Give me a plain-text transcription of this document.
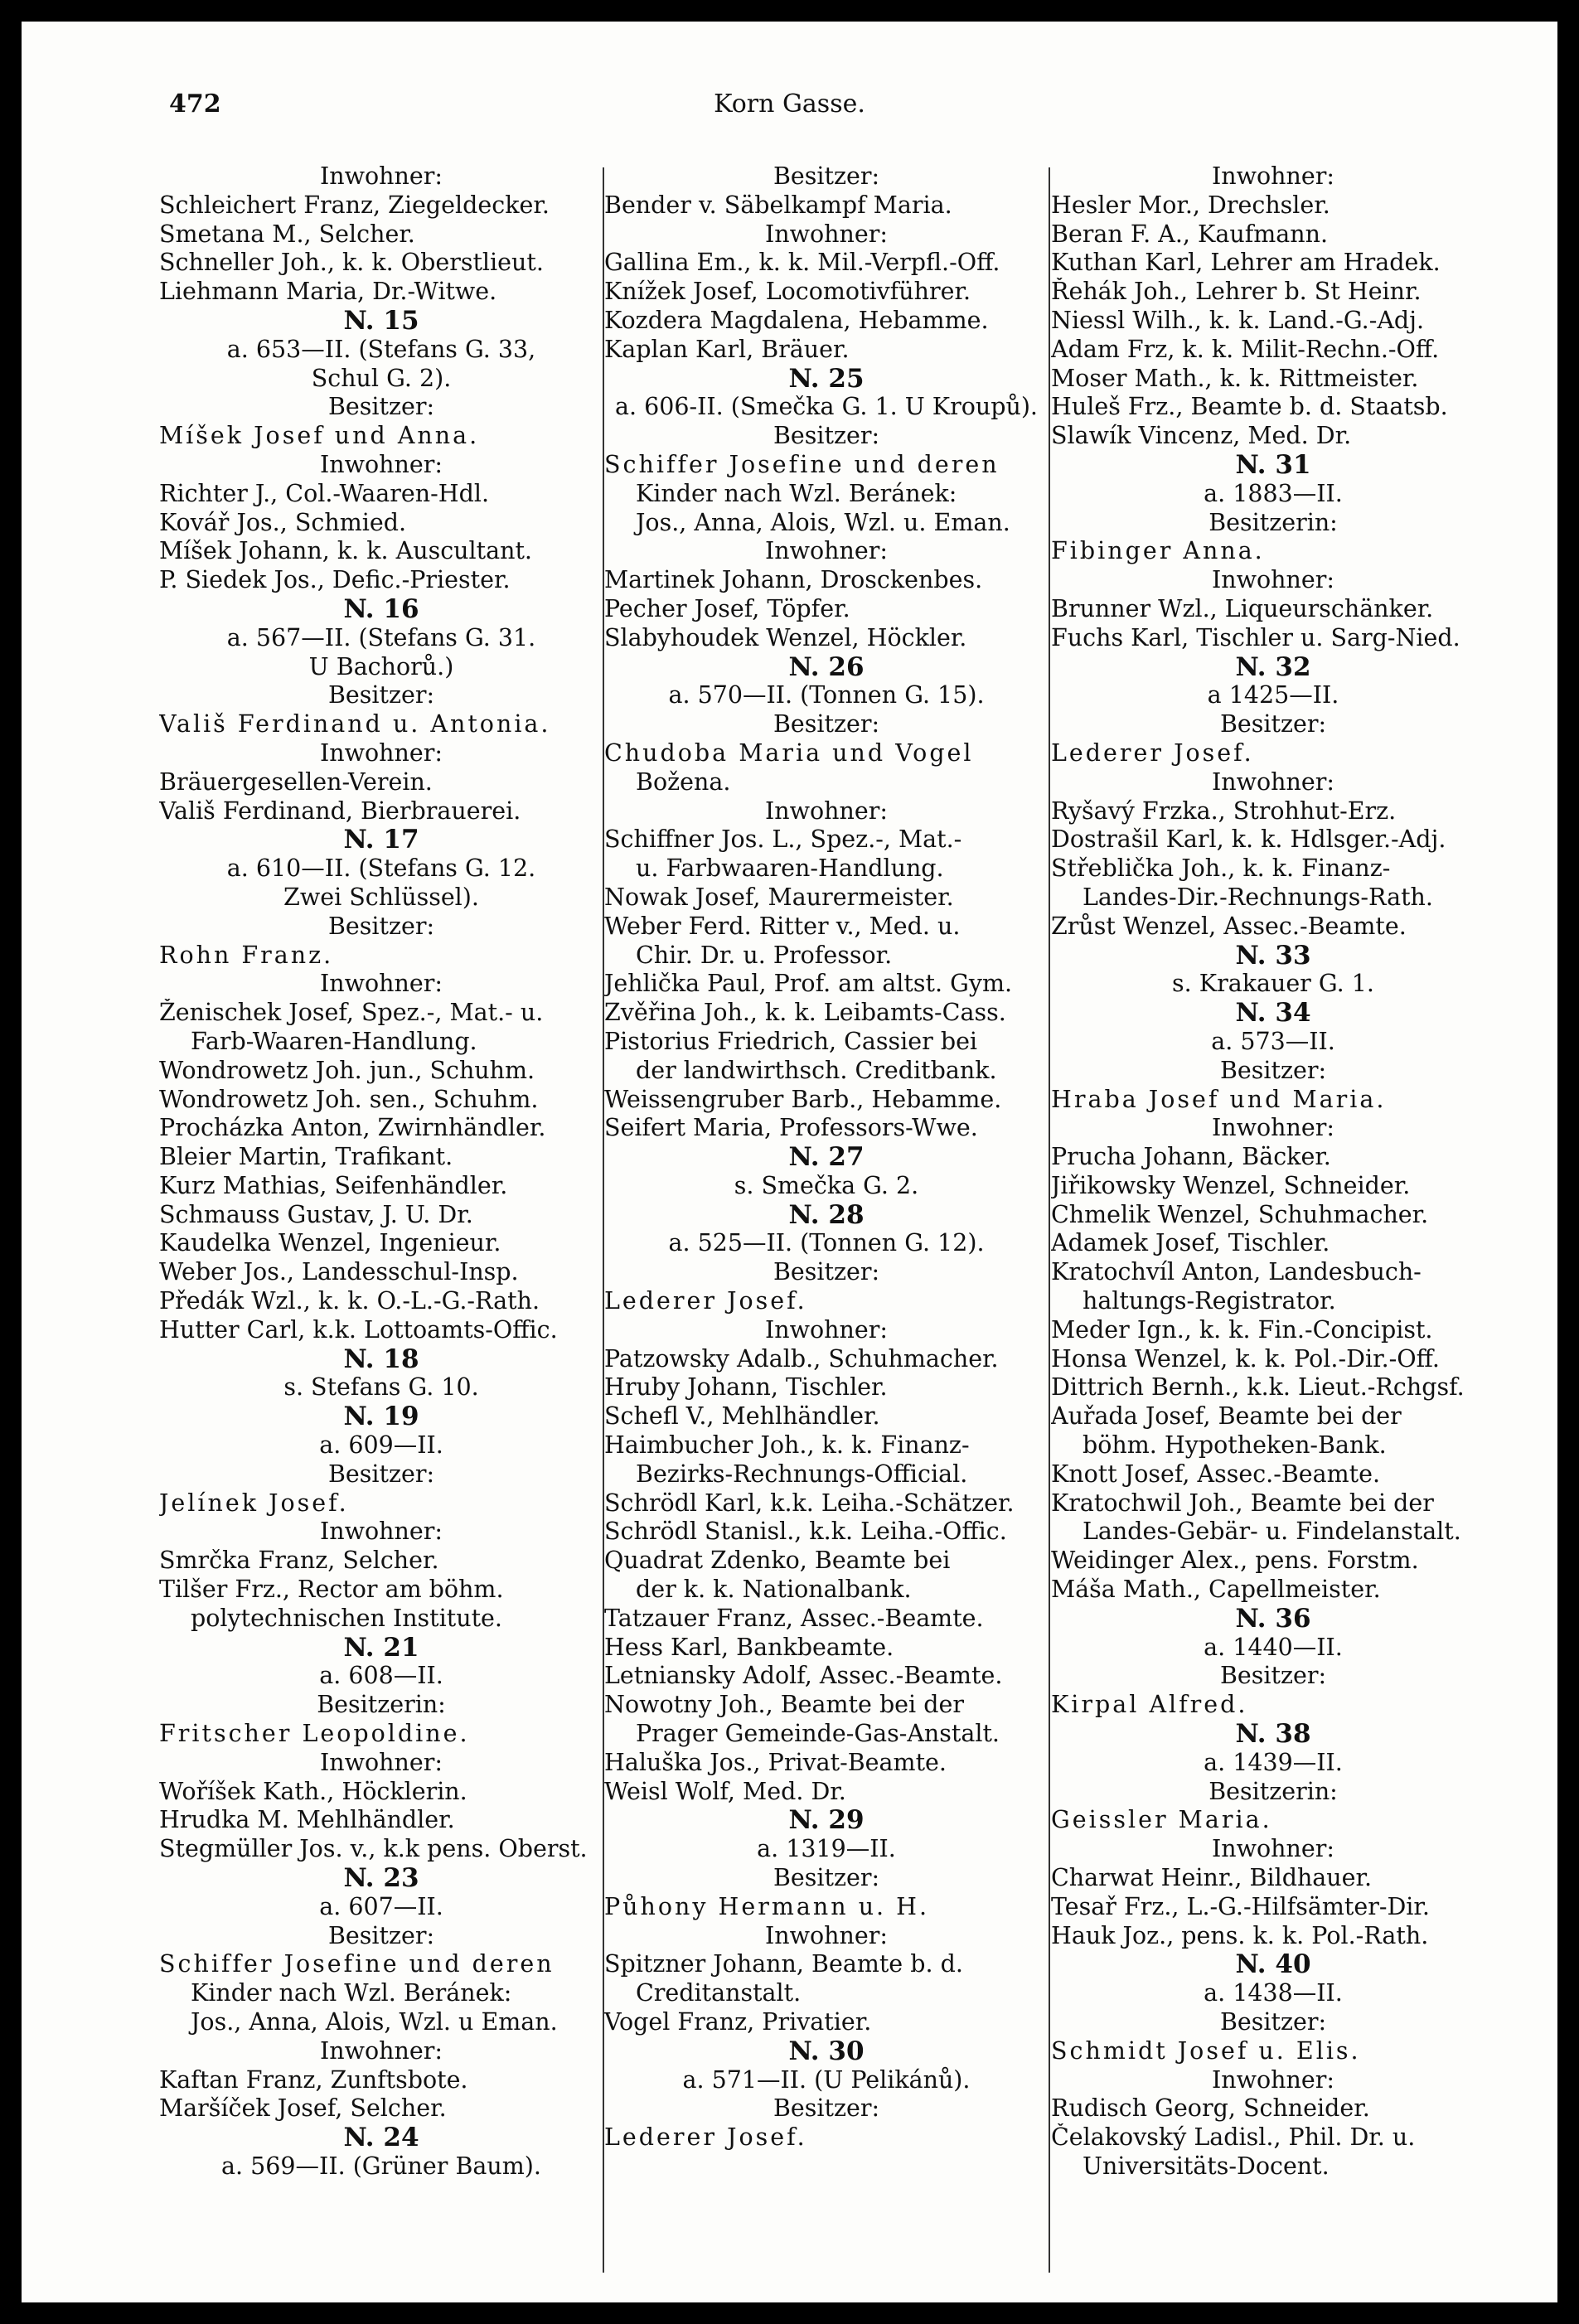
472	Korn Gasse.
Inwohner:
Schleichert Franz, Ziegeldecker.
Smetana M., Selcher.
Schneller Joh., k. k. Oberstlieut.
Liehmann Maria, Dr.-Witwe.
N. 15
a. 653—II. (Stefans G. 33,
Schul G. 2).
Besitzer:
Míšek Josef und Anna.
Inwohner:
Richter J., Col.-Waaren-Hdl.
Kovář Jos., Schmied.
Míšek Johann, k. k. Auscultant.
P. Siedek Jos., Defic.-Priester.
N. 16
a. 567—II. (Stefans G. 31.
U Bachorů.)
Besitzer:
Vališ Ferdinand u. Antonia.
Inwohner:
Bräuergesellen-Verein.
Vališ Ferdinand, Bierbrauerei.
N. 17
a. 610—II. (Stefans G. 12.
Zwei Schlüssel).
Besitzer:
Rohn Franz.
Inwohner:
Ženischek Josef, Spez.-, Mat.- u.
Farb-Waaren-Handlung.
Wondrowetz Joh. jun., Schuhm.
Wondrowetz Joh. sen., Schuhm.
Procházka Anton, Zwirnhändler.
Bleier Martin, Trafikant.
Kurz Mathias, Seifenhändler.
Schmauss Gustav, J. U. Dr.
Kaudelka Wenzel, Ingenieur.
Weber Jos., Landesschul-Insp.
Předák Wzl., k. k. O.-L.-G.-Rath.
Hutter Carl, k.k. Lottoamts-Offic.
N. 18
s. Stefans G. 10.
N. 19
a. 609—II.
Besitzer:
Jelínek Josef.
Inwohner:
Smrčka Franz, Selcher.
Tilšer Frz., Rector am böhm.
polytechnischen Institute.
N. 21
a. 608—II.
Besitzerin:
Fritscher Leopoldine.
Inwohner:
Woříšek Kath., Höcklerin.
Hrudka M. Mehlhändler.
Stegmüller Jos. v., k.k pens. Oberst.
N. 23
a. 607—II.
Besitzer:
Schiffer Josefine und deren
Kinder nach Wzl. Beránek:
Jos., Anna, Alois, Wzl. u Eman.
Inwohner:
Kaftan Franz, Zunftsbote.
Maršíček Josef, Selcher.
N. 24
a. 569—II. (Grüner Baum).
Besitzer:
Bender v. Säbelkampf Maria.
Inwohner:
Gallina Em., k. k. Mil.-Verpfl.-Off.
Knížek Josef, Locomotivführer.
Kozdera Magdalena, Hebamme.
Kaplan Karl, Bräuer.
N. 25
a. 606-II. (Smečka G. 1. U Kroupů).
Besitzer:
Schiffer Josefine und deren
Kinder nach Wzl. Beránek:
Jos., Anna, Alois, Wzl. u. Eman.
Inwohner:
Martinek Johann, Drosckenbes.
Pecher Josef, Töpfer.
Slabyhoudek Wenzel, Höckler.
N. 26
a. 570—II. (Tonnen G. 15).
Besitzer:
Chudoba Maria und Vogel
Božena.
Inwohner:
Schiffner Jos. L., Spez.-, Mat.-
u. Farbwaaren-Handlung.
Nowak Josef, Maurermeister.
Weber Ferd. Ritter v., Med. u.
Chir. Dr. u. Professor.
Jehlička Paul, Prof. am altst. Gym.
Zvěřina Joh., k. k. Leibamts-Cass.
Pistorius Friedrich, Cassier bei
der landwirthsch. Creditbank.
Weissengruber Barb., Hebamme.
Seifert Maria, Professors-Wwe.
N. 27
s. Smečka G. 2.
N. 28
a. 525—II. (Tonnen G. 12).
Besitzer:
Lederer Josef.
Inwohner:
Patzowsky Adalb., Schuhmacher.
Hruby Johann, Tischler.
Schefl V., Mehlhändler.
Haimbucher Joh., k. k. Finanz-
Bezirks-Rechnungs-Official.
Schrödl Karl, k.k. Leiha.-Schätzer.
Schrödl Stanisl., k.k. Leiha.-Offic.
Quadrat Zdenko, Beamte bei
der k. k. Nationalbank.
Tatzauer Franz, Assec.-Beamte.
Hess Karl, Bankbeamte.
Letniansky Adolf, Assec.-Beamte.
Nowotny Joh., Beamte bei der
Prager Gemeinde-Gas-Anstalt.
Haluška Jos., Privat-Beamte.
Weisl Wolf, Med. Dr.
N. 29
a. 1319—II.
Besitzer:
Půhony Hermann u. H.
Inwohner:
Spitzner Johann, Beamte b. d.
Creditanstalt.
Vogel Franz, Privatier.
N. 30
a. 571—II. (U Pelikánů).
Besitzer:
Lederer Josef.
Inwohner:
Hesler Mor., Drechsler.
Beran F. A., Kaufmann.
Kuthan Karl, Lehrer am Hradek.
Řehák Joh., Lehrer b. St Heinr.
Niessl Wilh., k. k. Land.-G.-Adj.
Adam Frz, k. k. Milit-Rechn.-Off.
Moser Math., k. k. Rittmeister.
Huleš Frz., Beamte b. d. Staatsb.
Slawík Vincenz, Med. Dr.
N. 31
a. 1883—II.
Besitzerin:
Fibinger Anna.
Inwohner:
Brunner Wzl., Liqueurschänker.
Fuchs Karl, Tischler u. Sarg-Nied.
N. 32
a 1425—II.
Besitzer:
Lederer Josef.
Inwohner:
Ryšavý Frzka., Strohhut-Erz.
Dostrašil Karl, k. k. Hdlsger.-Adj.
Střeblička Joh., k. k. Finanz-
Landes-Dir.-Rechnungs-Rath.
Zrůst Wenzel, Assec.-Beamte.
N. 33
s. Krakauer G. 1.
N. 34
a. 573—II.
Besitzer:
Hraba Josef und Maria.
Inwohner:
Prucha Johann, Bäcker.
Jiřikowsky Wenzel, Schneider.
Chmelik Wenzel, Schuhmacher.
Adamek Josef, Tischler.
Kratochvíl Anton, Landesbuch-
haltungs-Registrator.
Meder Ign., k. k. Fin.-Concipist.
Honsa Wenzel, k. k. Pol.-Dir.-Off.
Dittrich Bernh., k.k. Lieut.-Rchgsf.
Auřada Josef, Beamte bei der
böhm. Hypotheken-Bank.
Knott Josef, Assec.-Beamte.
Kratochwil Joh., Beamte bei der
Landes-Gebär- u. Findelanstalt.
Weidinger Alex., pens. Forstm.
Máša Math., Capellmeister.
N. 36
a. 1440—II.
Besitzer:
Kirpal Alfred.
N. 38
a. 1439—II.
Besitzerin:
Geissler Maria.
Inwohner:
Charwat Heinr., Bildhauer.
Tesař Frz., L.-G.-Hilfsämter-Dir.
Hauk Joz., pens. k. k. Pol.-Rath.
N. 40
a. 1438—II.
Besitzer:
Schmidt Josef u. Elis.
Inwohner:
Rudisch Georg, Schneider.
Čelakovský Ladisl., Phil. Dr. u.
Universitäts-Docent.
